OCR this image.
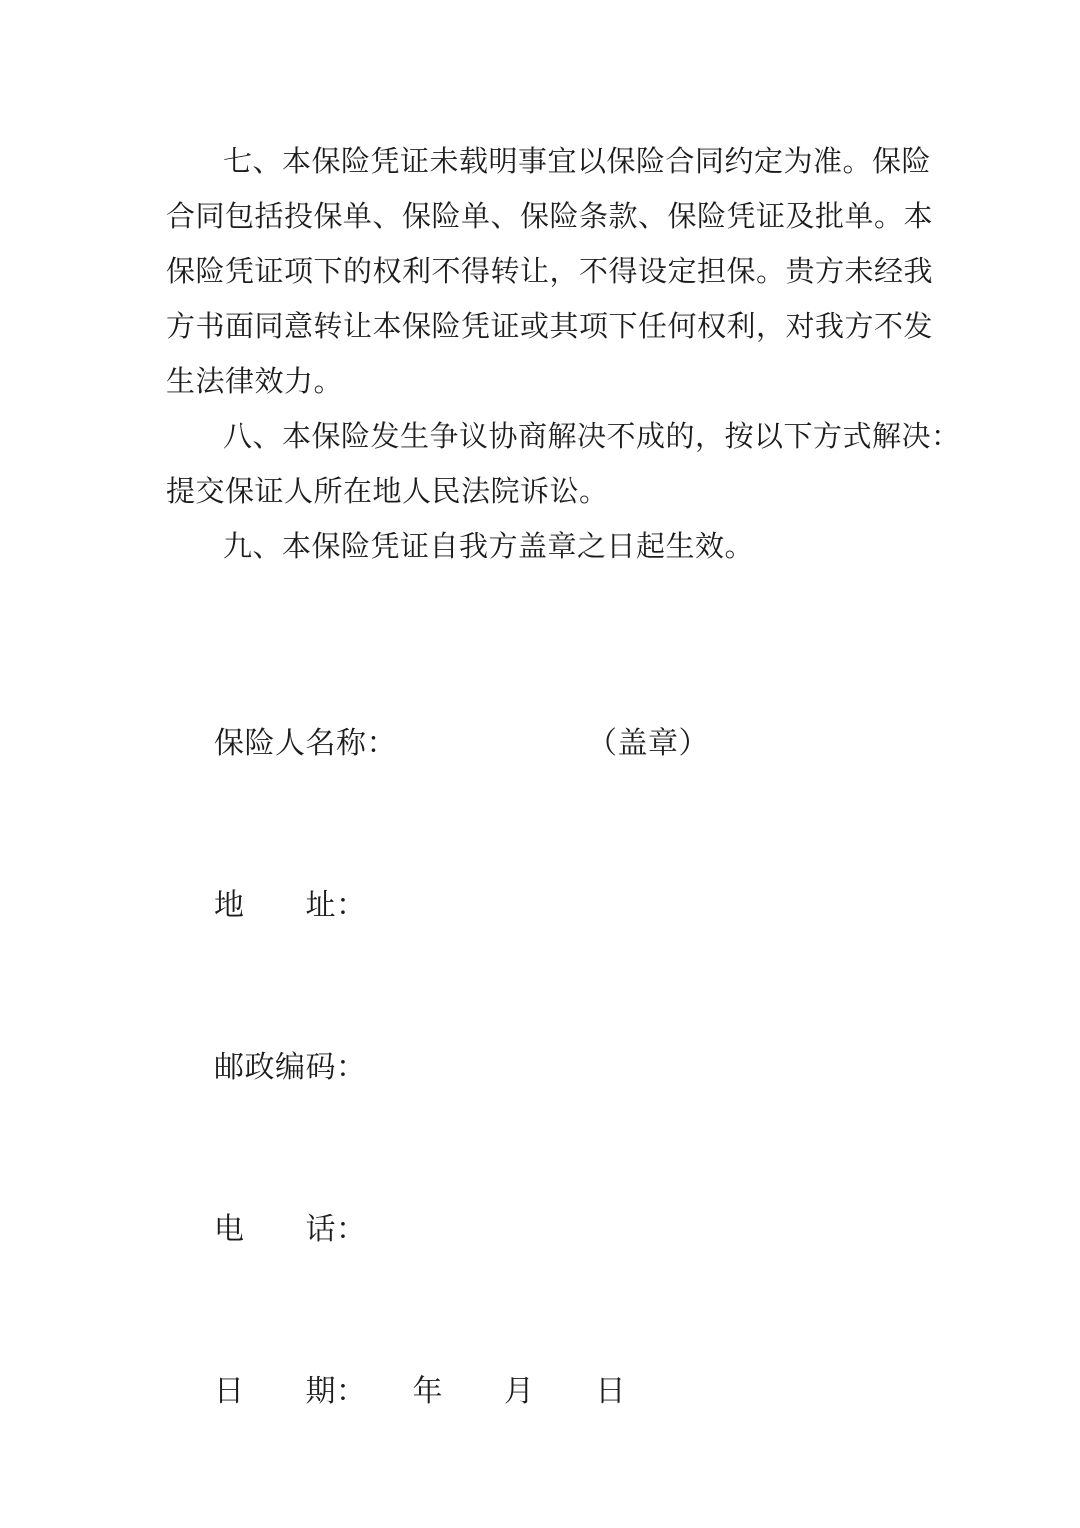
七、本保险凭证未载明事宜以保险合同约定为准。保险
合同包括投保单、保险单、保险条款、保险凭证及批单。本
保险凭证项下的权利不得转让，不得设定担保。贵方未经我
方书面同意转让本保险凭证或其项下任何权利，对我方不发
生法律效力。
八、本保险发生争议协商解决不成的，按以下方式解决：
提交保证人所在地人民法院诉讼。
九、本保险凭证自我方盖章之日起生效。

保险人名称：	（盖章）

地　　址：

邮政编码：

电　　话：

日　　期：　　年　　月　　日
